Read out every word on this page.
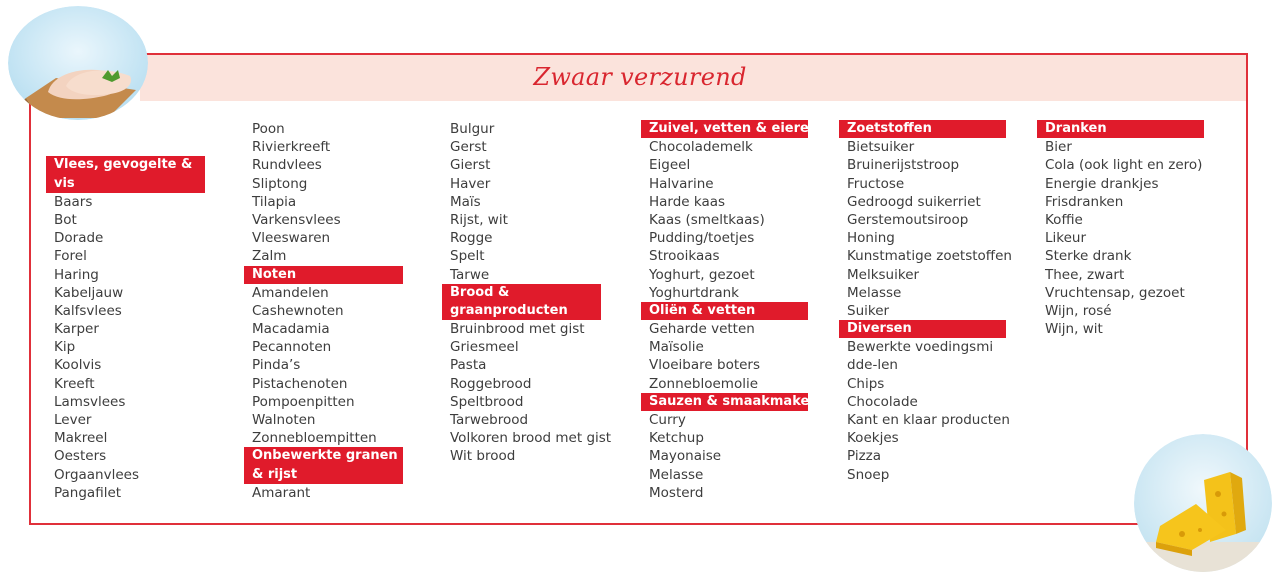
Zwaar verzurend
Vlees, gevogelte & vis
Baars
Bot
Dorade
Forel
Haring
Kabeljauw
Kalfsvlees
Karper
Kip
Koolvis
Kreeft
Lamsvlees
Lever
Makreel
Oesters
Orgaanvlees
Pangafilet
Poon
Rivierkreeft
Rundvlees
Sliptong
Tilapia
Varkensvlees
Vleeswaren
Zalm
Noten
Amandelen
Cashewnoten
Macadamia
Pecannoten
Pinda’s
Pistachenoten
Pompoenpitten
Walnoten
Zonnebloempitten
Onbewerkte granen & rijst
Amarant
Bulgur
Gerst
Gierst
Haver
Maïs
Rijst, wit
Rogge
Spelt
Tarwe
Brood & graanproducten
Bruinbrood met gist
Griesmeel
Pasta
Roggebrood
Speltbrood
Tarwebrood
Volkoren brood met gist
Wit brood
Zuivel, vetten & eieren
Chocolademelk
Eigeel
Halvarine
Harde kaas
Kaas (smeltkaas)
Pudding/toetjes
Strooikaas
Yoghurt, gezoet
Yoghurtdrank
Oliën & vetten
Geharde vetten
Maïsolie
Vloeibare boters
Zonnebloemolie
Sauzen & smaakmakers
Curry
Ketchup
Mayonaise
Melasse
Mosterd
Zoetstoffen
Bietsuiker
Bruinerijststroop
Fructose
Gedroogd suikerriet
Gerstemoutsiroop
Honing
Kunstmatige zoetstoffen
Melksuiker
Melasse
Suiker
Diversen
Bewerkte voedingsmidde-len
Chips
Chocolade
Kant en klaar producten
Koekjes
Pizza
Snoep
Dranken
Bier
Cola (ook light en zero)
Energie drankjes
Frisdranken
Koffie
Likeur
Sterke drank
Thee, zwart
Vruchtensap, gezoet
Wijn, rosé
Wijn, wit
